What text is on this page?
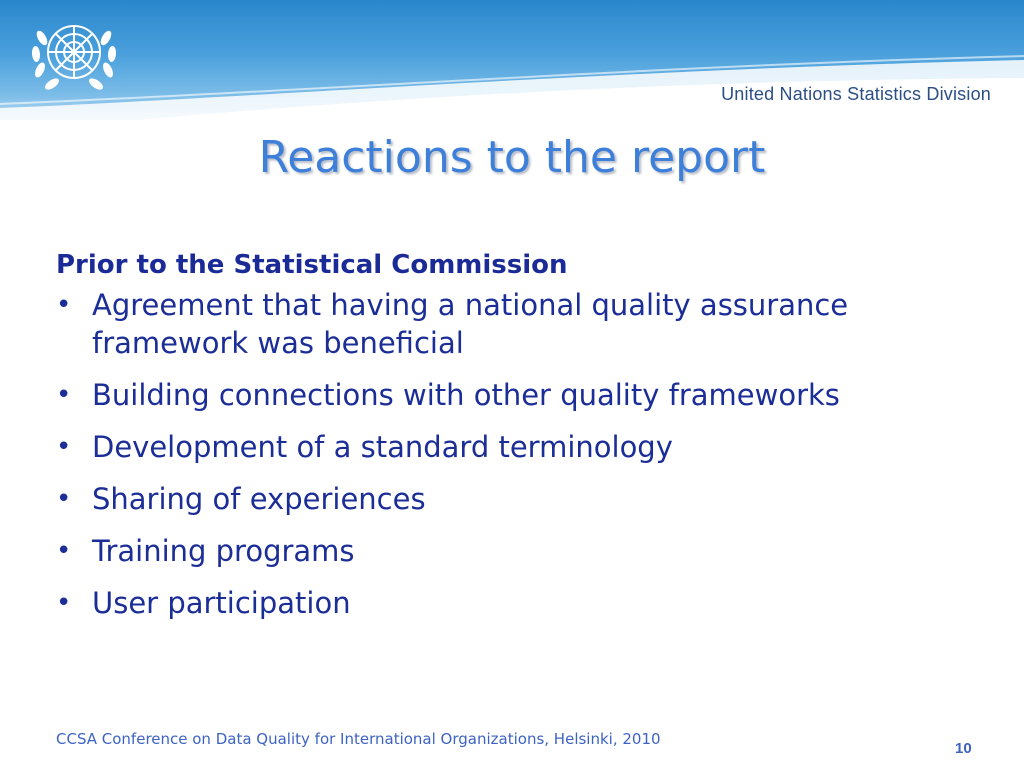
United Nations Statistics Division
Reactions to the report
Prior to the Statistical Commission
• Agreement that having a national quality assurance framework was beneficial
• Building connections with other quality frameworks
• Development of a standard terminology
• Sharing of experiences
• Training programs
• User participation
CCSA Conference on Data Quality for International Organizations, Helsinki, 2010
10
